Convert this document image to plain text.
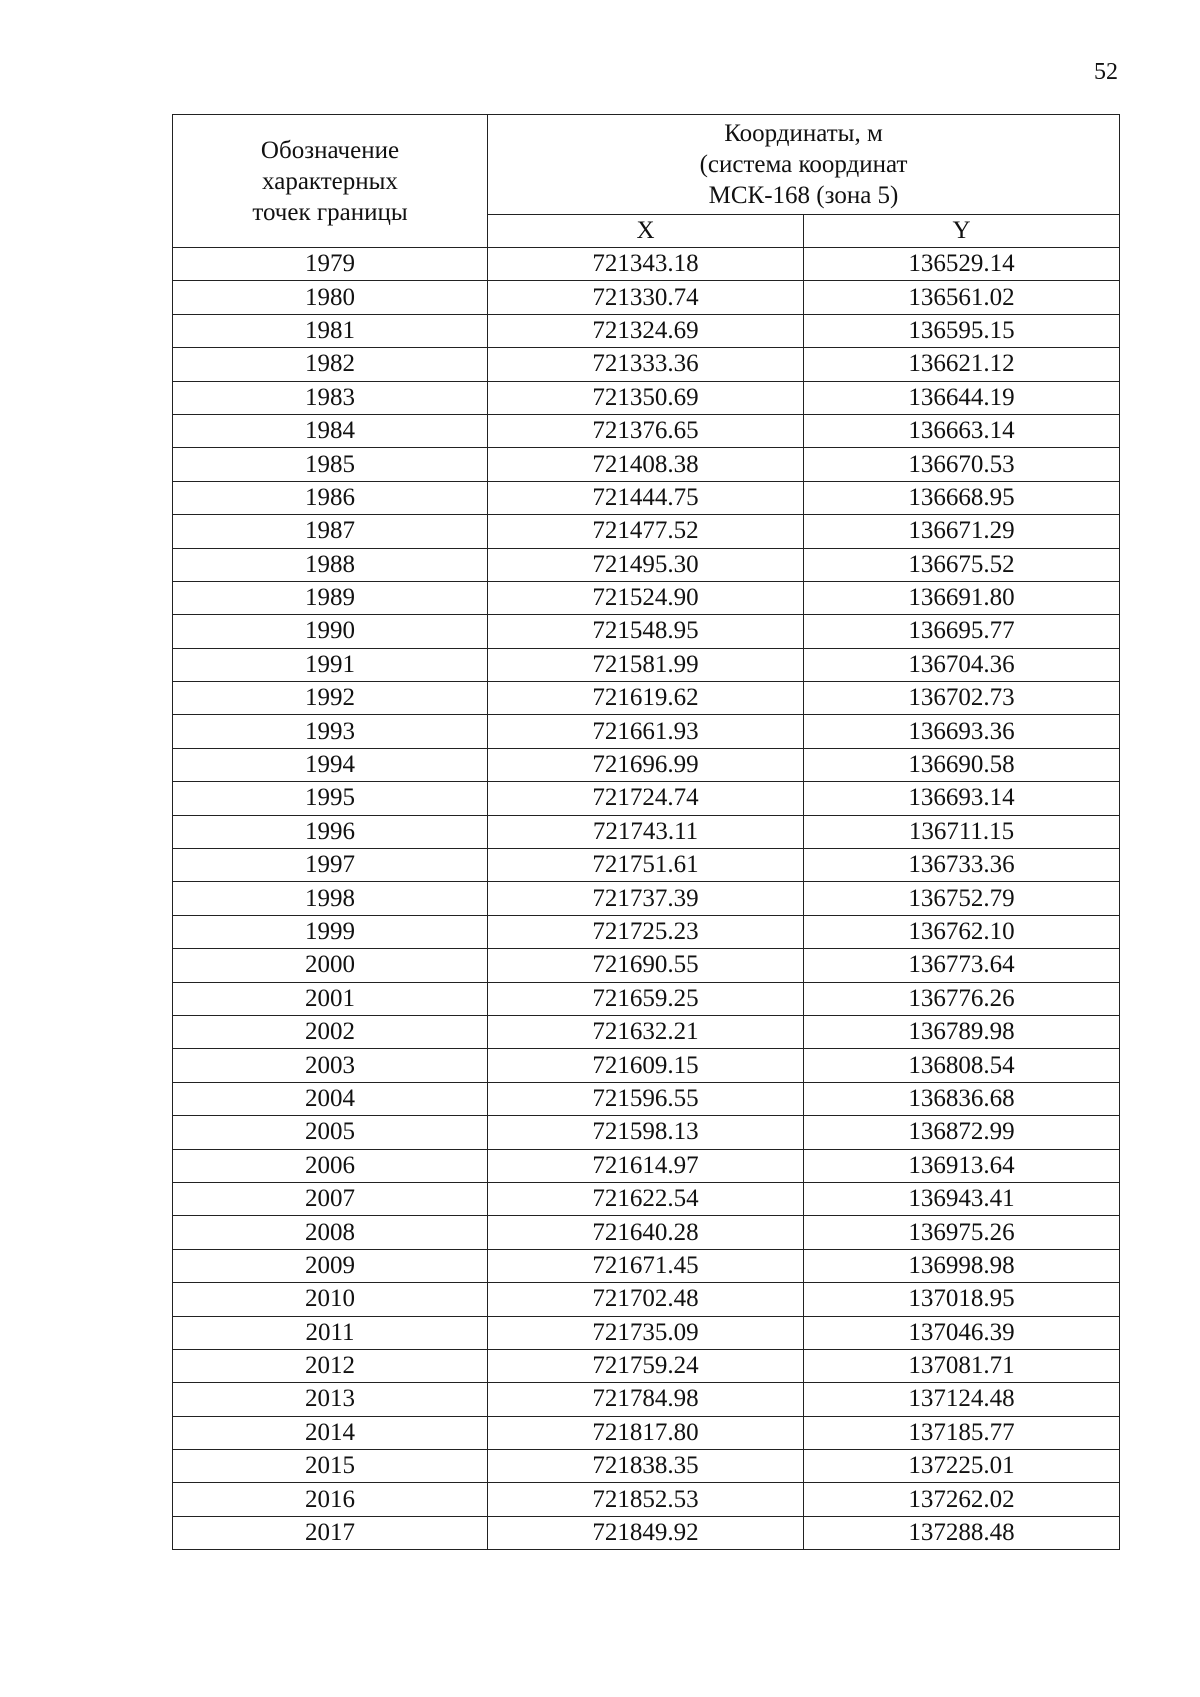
52
Обозначение
характерных
точек границы	Координаты, м
(система координат
МСК-168 (зона 5)	

	X	Y
1979	721343.18	136529.14
1980	721330.74	136561.02
1981	721324.69	136595.15
1982	721333.36	136621.12
1983	721350.69	136644.19
1984	721376.65	136663.14
1985	721408.38	136670.53
1986	721444.75	136668.95
1987	721477.52	136671.29
1988	721495.30	136675.52
1989	721524.90	136691.80
1990	721548.95	136695.77
1991	721581.99	136704.36
1992	721619.62	136702.73
1993	721661.93	136693.36
1994	721696.99	136690.58
1995	721724.74	136693.14
1996	721743.11	136711.15
1997	721751.61	136733.36
1998	721737.39	136752.79
1999	721725.23	136762.10
2000	721690.55	136773.64
2001	721659.25	136776.26
2002	721632.21	136789.98
2003	721609.15	136808.54
2004	721596.55	136836.68
2005	721598.13	136872.99
2006	721614.97	136913.64
2007	721622.54	136943.41
2008	721640.28	136975.26
2009	721671.45	136998.98
2010	721702.48	137018.95
2011	721735.09	137046.39
2012	721759.24	137081.71
2013	721784.98	137124.48
2014	721817.80	137185.77
2015	721838.35	137225.01
2016	721852.53	137262.02
2017	721849.92	137288.48
